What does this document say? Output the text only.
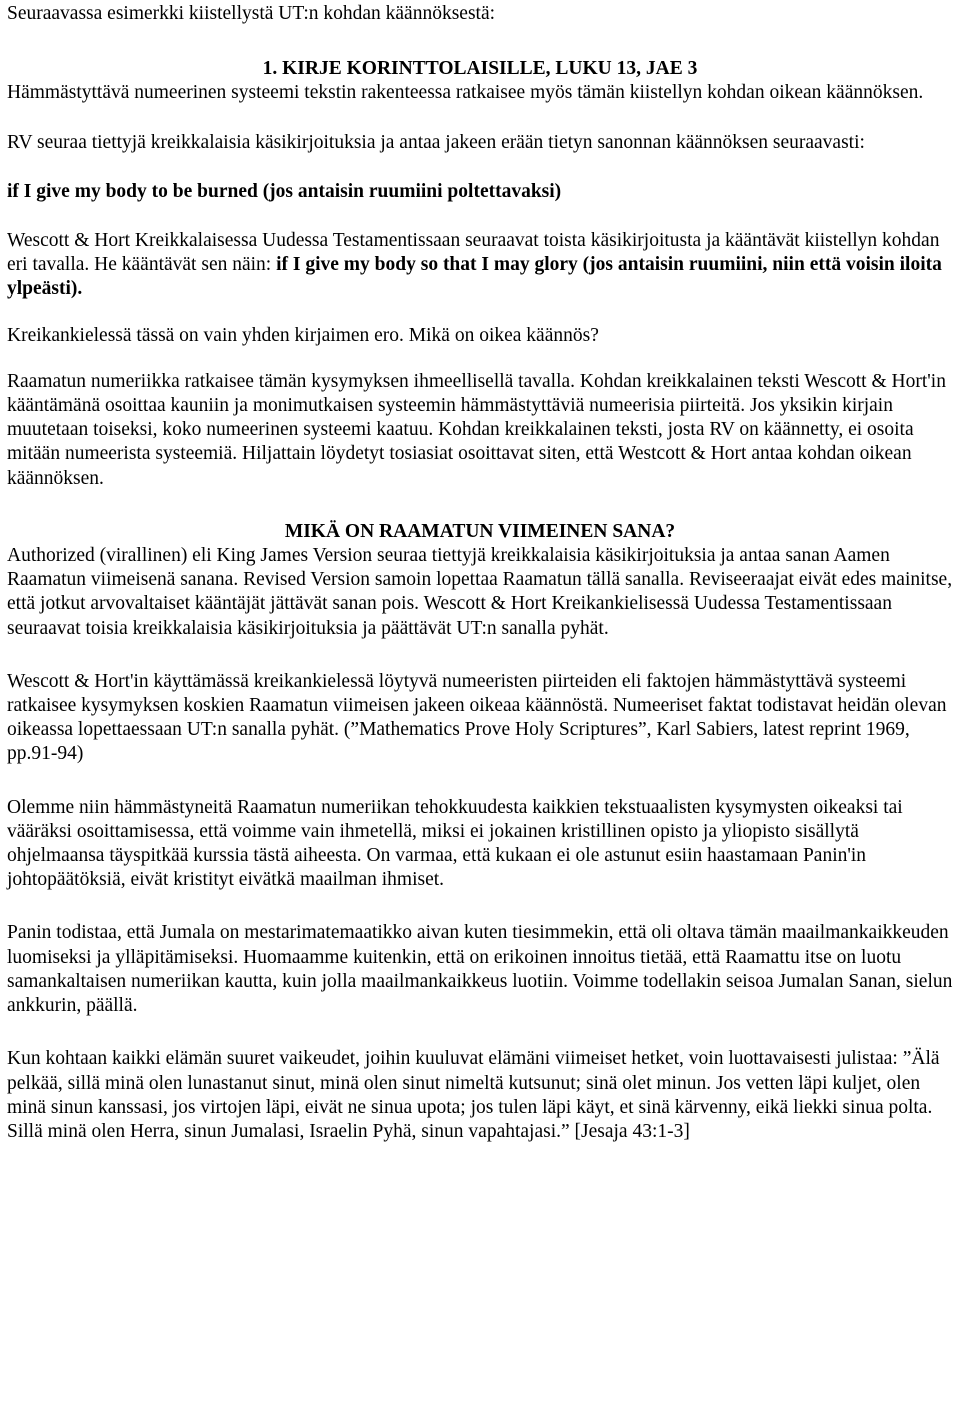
Seuraavassa esimerkki kiistellystä UT:n kohdan käännöksestä:

1. KIRJE KORINTTOLAISILLE, LUKU 13, JAE 3

Hämmästyttävä numeerinen systeemi tekstin rakenteessa ratkaisee myös tämän kiistellyn kohdan oikean käännöksen.

RV seuraa tiettyjä kreikkalaisia käsikirjoituksia ja antaa jakeen erään tietyn sanonnan käännöksen seuraavasti:

if I give my body to be burned (jos antaisin ruumiini poltettavaksi)

Wescott & Hort Kreikkalaisessa Uudessa Testamentissaan seuraavat toista käsikirjoitusta ja kääntävät kiistellyn kohdan eri tavalla. He kääntävät sen näin: if I give my body so that I may glory (jos antaisin ruumiini, niin että voisin iloita ylpeästi).

Kreikankielessä tässä on vain yhden kirjaimen ero. Mikä on oikea käännös?

Raamatun numeriikka ratkaisee tämän kysymyksen ihmeellisellä tavalla. Kohdan kreikkalainen teksti Wescott & Hort'in kääntämänä osoittaa kauniin ja monimutkaisen systeemin hämmästyttäviä numeerisia piirteitä. Jos yksikin kirjain muutetaan toiseksi, koko numeerinen systeemi kaatuu. Kohdan kreikkalainen teksti, josta RV on käännetty, ei osoita mitään numeerista systeemiä. Hiljattain löydetyt tosiasiat osoittavat siten, että Westcott & Hort antaa kohdan oikean käännöksen.

MIKÄ ON RAAMATUN VIIMEINEN SANA?

Authorized (virallinen) eli King James Version seuraa tiettyjä kreikkalaisia käsikirjoituksia ja antaa sanan Aamen Raamatun viimeisenä sanana. Revised Version samoin lopettaa Raamatun tällä sanalla. Reviseeraajat eivät edes mainitse, että jotkut arvovaltaiset kääntäjät jättävät sanan pois. Wescott & Hort Kreikankielisessä Uudessa Testamentissaan seuraavat toisia kreikkalaisia käsikirjoituksia ja päättävät UT:n sanalla pyhät.

Wescott & Hort'in käyttämässä kreikankielessä löytyvä numeeristen piirteiden eli faktojen hämmästyttävä systeemi ratkaisee kysymyksen koskien Raamatun viimeisen jakeen oikeaa käännöstä. Numeeriset faktat todistavat heidän olevan oikeassa lopettaessaan UT:n sanalla pyhät. (”Mathematics Prove Holy Scriptures”, Karl Sabiers, latest reprint 1969, pp.91-94)

Olemme niin hämmästyneitä Raamatun numeriikan tehokkuudesta kaikkien tekstuaalisten kysymysten oikeaksi tai vääräksi osoittamisessa, että voimme vain ihmetellä, miksi ei jokainen kristillinen opisto ja yliopisto sisällytä ohjelmaansa täyspitkää kurssia tästä aiheesta. On varmaa, että kukaan ei ole astunut esiin haastamaan Panin'in johtopäätöksiä, eivät kristityt eivätkä maailman ihmiset.

Panin todistaa, että Jumala on mestarimatemaatikko aivan kuten tiesimmekin, että oli oltava tämän maailmankaikkeuden luomiseksi ja ylläpitämiseksi. Huomaamme kuitenkin, että on erikoinen innoitus tietää, että Raamattu itse on luotu samankaltaisen numeriikan kautta, kuin jolla maailmankaikkeus luotiin. Voimme todellakin seisoa Jumalan Sanan, sielun ankkurin, päällä.

Kun kohtaan kaikki elämän suuret vaikeudet, joihin kuuluvat elämäni viimeiset hetket, voin luottavaisesti julistaa: ”Älä pelkää, sillä minä olen lunastanut sinut, minä olen sinut nimeltä kutsunut; sinä olet minun. Jos vetten läpi kuljet, olen minä sinun kanssasi, jos virtojen läpi, eivät ne sinua upota; jos tulen läpi käyt, et sinä kärvenny, eikä liekki sinua polta. Sillä minä olen Herra, sinun Jumalasi, Israelin Pyhä, sinun vapahtajasi.” [Jesaja 43:1-3]
